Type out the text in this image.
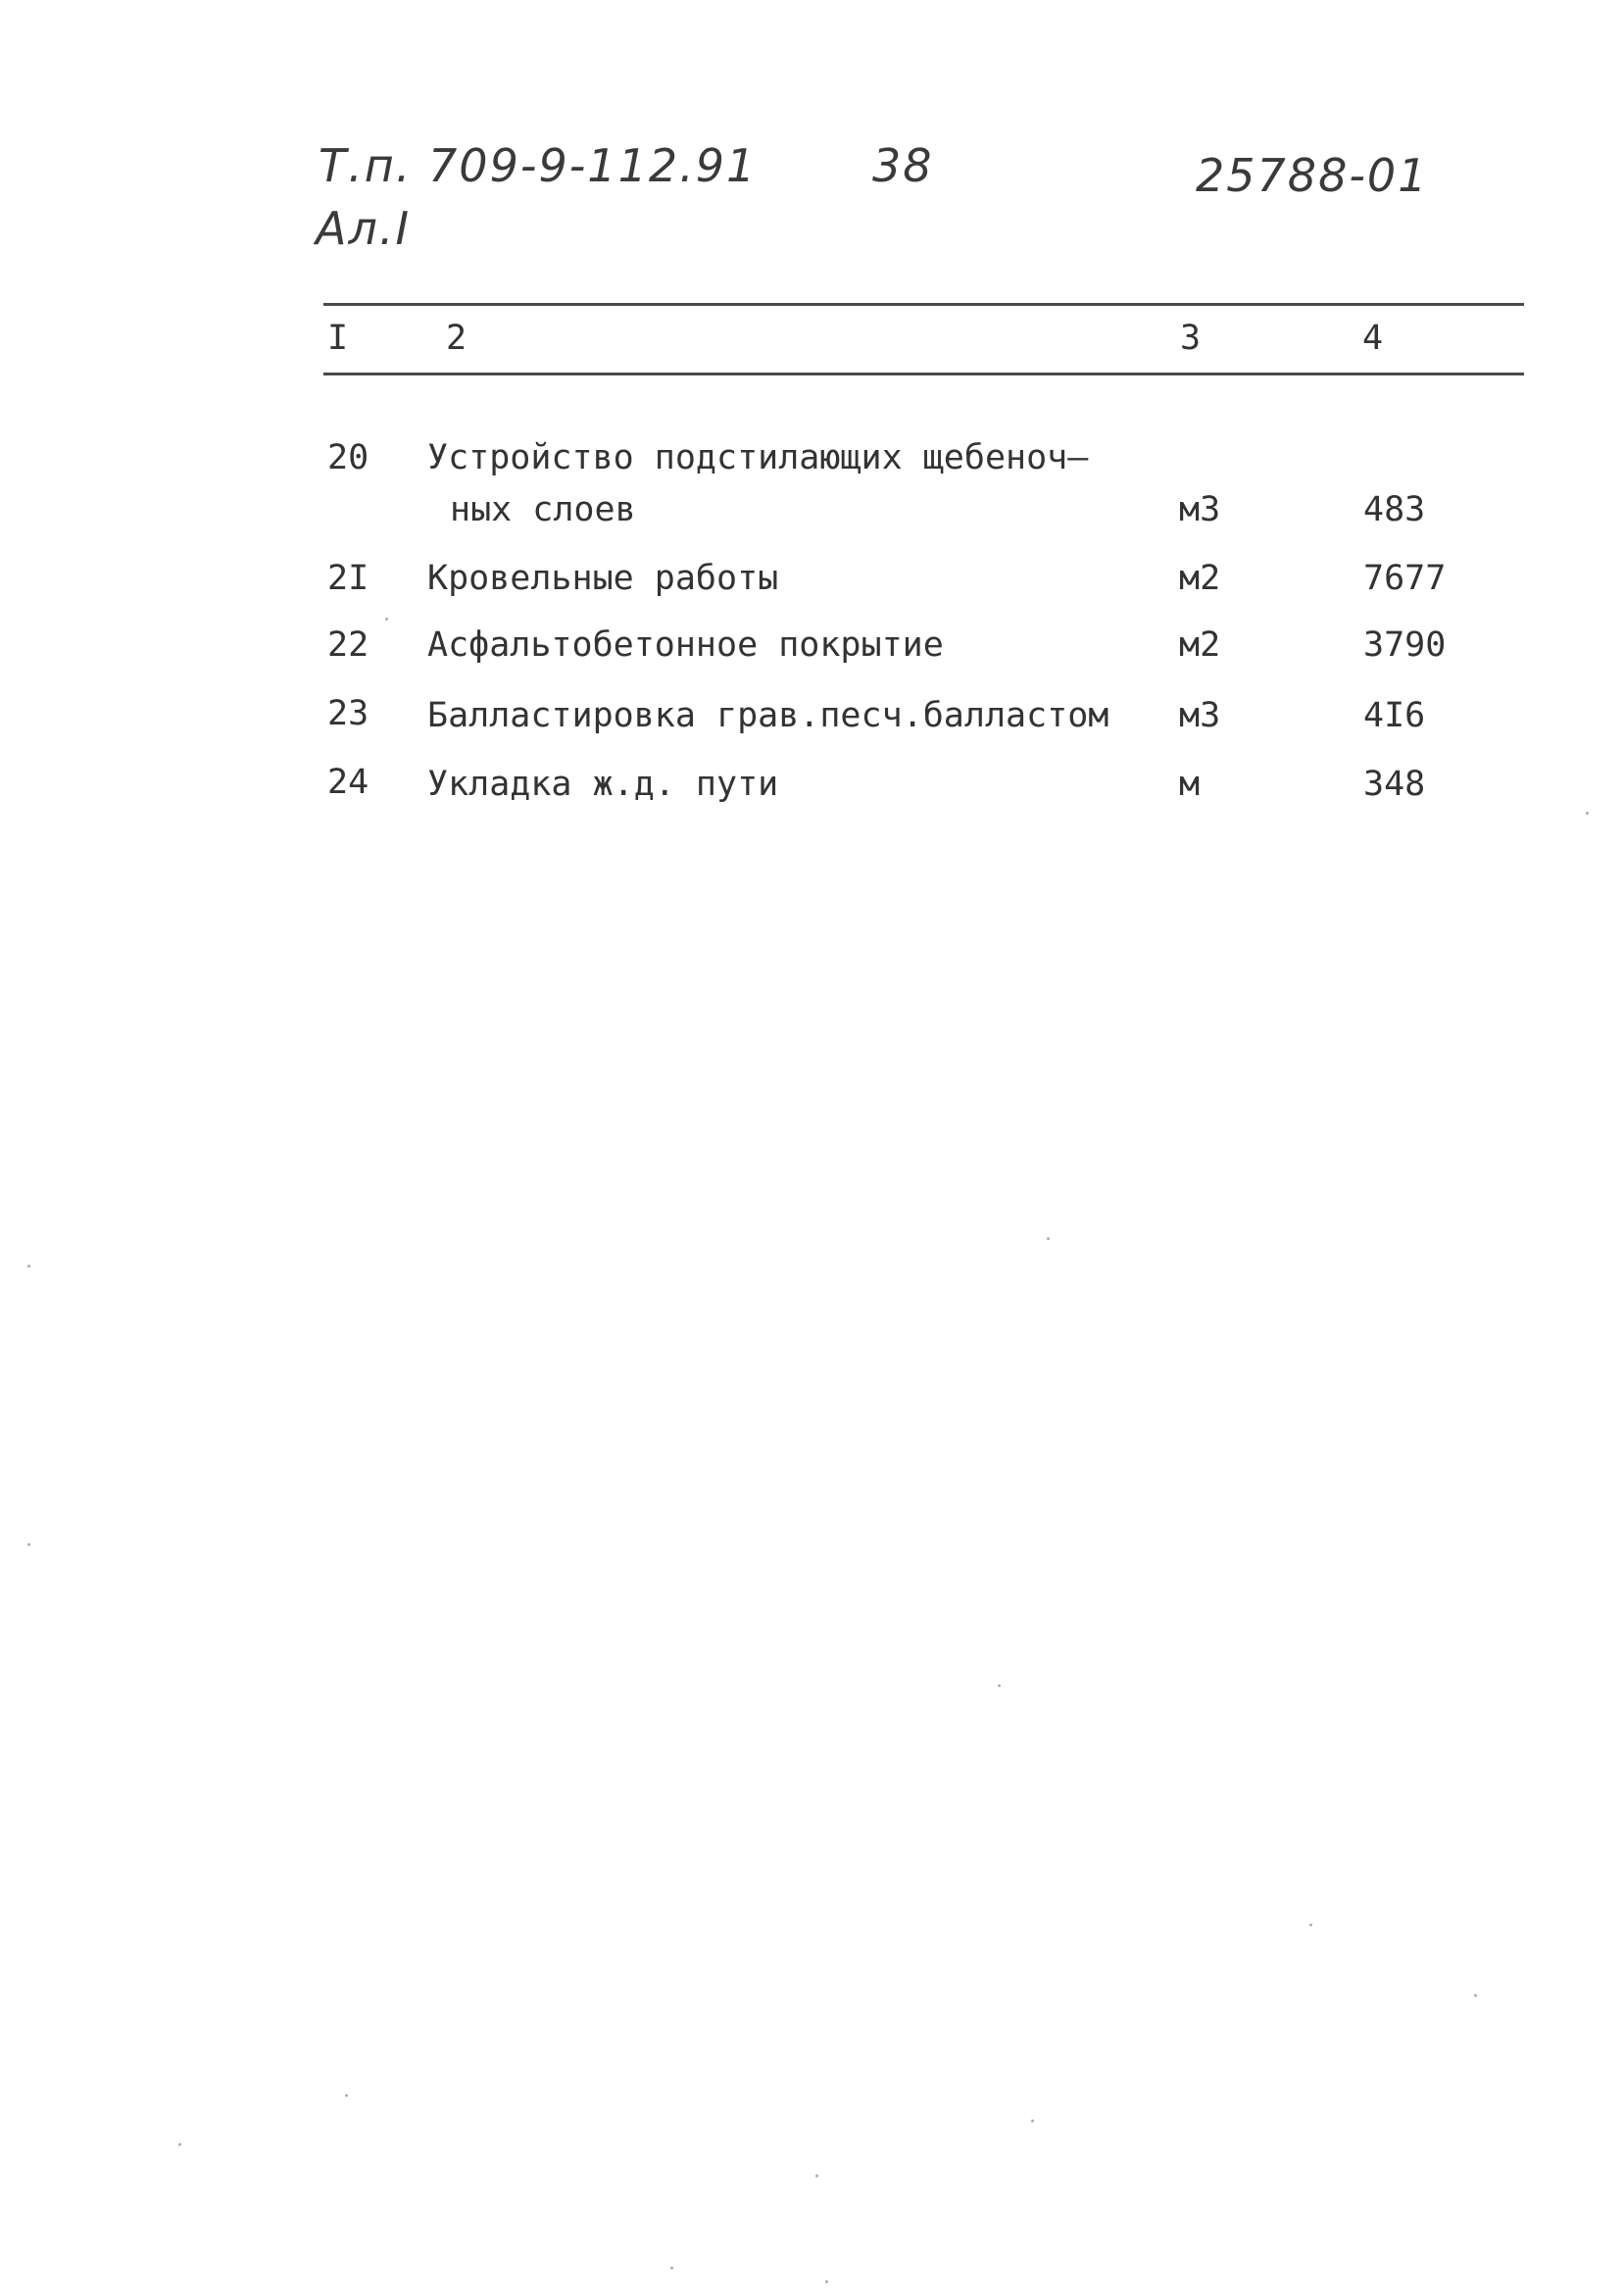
Т.п. 709-9-112.91	38	25788-01
Ал.I
I	2	3	4
20 Устройство подстилающих щебеноч–
ных слоев	м3	483
2I Кровельные работы	м2	7677
22 Асфальтобетонное покрытие	м2	3790
23 Балластировка грав.песч.балластом м3	4I6
24 Укладка ж.д. пути	м	348
